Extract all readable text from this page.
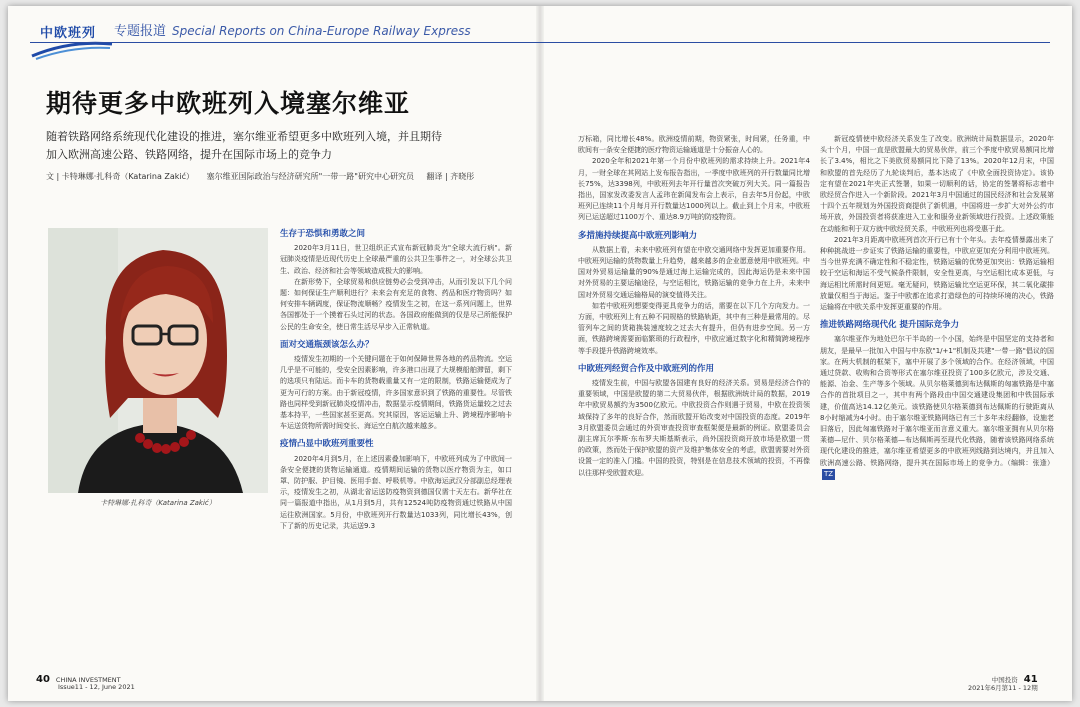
中欧班列 专题报道 Special Reports on China-Europe Railway Express
期待更多中欧班列入境塞尔维亚
随着铁路网络系统现代化建设的推进，塞尔维亚希望更多中欧班列入境，并且期待加入欧洲高速公路、铁路网络，提升在国际市场上的竞争力
文 | 卡特琳娜·扎科奇（Katarina Zakić） 塞尔维亚国际政治与经济研究所"一带一路"研究中心研究员 翻译 | 齐晓彤
卡特琳娜·扎科奇（Katarina Zakić）
生存于恐惧和勇敢之间

2020年3月11日，世卫组织正式宣布新冠肺炎为"全球大流行病"。新冠肺炎疫情是近现代历史上全球最严重的公共卫生事件之一，对全球公共卫生、政治、经济和社会等领域造成极大的影响。

在新形势下，全球贸易和供应链势必会受到冲击，从而引发以下几个问题：如何保证生产顺利进行？未来会有充足的食物、药品和医疗物资吗？如何安排车辆调度，保证物流顺畅？疫情发生之初，在这一系列问题上，世界各国都处于一个摸着石头过河的状态。各国政府能做到的仅是尽己所能保护公民的生命安全，使日常生活尽早步入正常轨道。

面对交通瓶颈该怎么办？

疫情发生初期的一个关键问题在于如何保障世界各地的药品物流。空运几乎是不可能的，受安全因素影响，许多港口出现了大规模船舶滞留，剩下的选项只有陆运。而卡车的货物载重量又有一定的限制，铁路运输便成为了更为可行的方案。由于新冠疫情，许多国家意识到了铁路的重要性。尽管铁路也同样受到新冠肺炎疫情冲击，数据显示疫情期间，铁路货运量较之过去基本持平，一些国家甚至更高。究其原因，客运运输上升、跨境程序影响卡车运送货物所需时间变长、海运空白航次越来越多。

疫情凸显中欧班列重要性

2020年4月到5月，在上述因素叠加影响下，中欧班列成为了中欧间一条安全便捷的货物运输通道。疫情期间运输的货物以医疗物资为主，如口罩、防护服、护目镜、医用手套、呼吸机等。中欧海运武汉分部副总经理表示，疫情发生之初，从湖北省运送防疫物资到德国仅需十天左右。新华社在同一篇报道中指出，从1月到5月，共有12524吨防疫物资通过铁路从中国运往欧洲国家。5月份，中欧班列开行数量达1033列，同比增长43%，创下了新的历史记录，共运送9.3

万标箱，同比增长48%。欧洲疫情前期，物资紧张，时间紧，任务重，中欧间有一条安全便捷的医疗物资运输通道是十分振奋人心的。

2020全年和2021年第一个月份中欧班列的需求持续上升。2021年4月，一财全球在其网站上发布报告指出，一季度中欧班列的开行数量同比增长75%，达3398列，中欧班列去年开行量首次突破万列大关。同一篇报告指出，国家发改委发言人孟玮在新闻发布会上表示，自去年5月份起，中欧班列已连续11个月每月开行数量达1000列以上。截止到上个月末，中欧班列已运送超过1100万个、重达8.9万吨的防疫物资。

多措施持续提高中欧班列影响力

从数据上看，未来中欧班列有望在中欧交通网络中发挥更加重要作用。中欧班列运输的货物数量上升趋势，越来越多的企业愿意使用中欧班列。中国对外贸易运输量的90%是通过海上运输完成的，因此海运仍是未来中国对外贸易的主要运输途径，与空运相比，铁路运输的竞争力在上升，未来中国对外贸易交通运输格局的演变值得关注。

如若中欧班列想要变得更具竞争力的话，需要在以下几个方向发力。一方面，中欧班列上有五种不同规格的铁路轨距，其中有三种是最常用的。尽管列车之间的货箱换装速度较之过去大有提升，但仍有进步空间。另一方面，铁路跨境需要面临繁琐的行政程序，中欧应通过数字化和精简跨境程序等手段提升铁路跨境效率。

中欧班列经贸合作及中欧班列的作用

疫情发生前，中国与欧盟各国建有良好的经济关系。贸易是经济合作的重要领域，中国是欧盟的第二大贸易伙伴，根据欧洲统计局的数据，2019年中欧贸易额约为3500亿欧元。中欧投资合作则遇于贸易，中欧在投资领域保持了多年的良好合作，然而欧盟开始改变对中国投资的态度。2019年3月欧盟委员会通过的外资审查投资审查框架便是最新的例证。欧盟委员会副主席瓦尔季斯·东布罗夫斯基斯表示，尚外国投资商开放市场是欧盟一贯的政策，然而处于保护欧盟的资产及维护集体安全的考虑，欧盟需要对外资设置一定的准入门槛。中国的投资，特别是在信息技术领域的投资，不再像以往那样受欧盟欢迎。

新冠疫情使中欧经济关系发生了改变。欧洲统计局数据显示，2020年头十个月，中国一直是欧盟最大的贸易伙伴，前三个季度中欧贸易额同比增长了3.4%，相比之下美欧贸易额同比下降了13%。2020年12月末，中国和欧盟的首先经历了九轮谈判后，基本达成了《中欧全面投资协定》。该协定有望在2021年夹正式签署，如果一切顺利的话，协定的签署将标志着中欧经贸合作进入一个新阶段。2021年3月中国通过的国民经济和社会发展第十四个五年规划为外国投资商提供了新机遇，中国将进一步扩大对外公约市场开放，外国投资者将获准进入工业和服务业新领域进行投资。上述政策能在动能和利于双方就中欧经贸关系，中欧班列也将受惠于此。

2021年3月距离中欧班列首次开行已有十个年头。去年疫情暴露出来了种种挑战进一步证实了铁路运输的重要性，中欧应更加充分利用中欧班列。当今世界充满不确定性和不稳定性，铁路运输的优势更加突出：铁路运输相较于空运和海运不受气候条件限制，安全性更高，与空运相比成本更低，与海运相比所需时间更短。毫无疑问，铁路运输比空运更环保，其二氧化碳排放量仅相当于海运。鉴于中欧都在追求打造绿色的可持续环境的决心，铁路运输将在中欧关系中发挥更重要的作用。

推进铁路网络现代化 提升国际竞争力

塞尔维亚作为地处巴尔干半岛的一个小国，始终是中国坚定的支持者和朋友，是最早一批加入中国与中东欧"1/+1"机制及共建"一带一路"倡议的国家。在两大机制的框架下，塞中开展了多个领域的合作。在经济领域，中国通过贷款、收购和合资等形式在塞尔维亚投资了100多亿欧元，涉及交通、能源、冶金、生产等多个领域。从贝尔格莱德到布达佩斯的匈塞铁路是中塞合作的首批项目之一，其中有两个路段由中国交通建设集团和中铁国际承建，价值高达14.12亿美元。该铁路使贝尔格莱德到布达佩斯的行驶距离从8小时缩减为4小时。由于塞尔维亚铁路网络已有三十多年未经翻修，设施老旧落后，因此匈塞铁路对于塞尔维亚而言意义重大。塞尔维亚拥有从贝尔格莱德—尼什、贝尔格莱德—布达佩斯再至现代化铁路，随着该铁路网络系统现代化建设的推进，塞尔维亚希望更多的中欧班列线路到达境内，并且加入欧洲高速公路、铁路网络，提升其在国际市场上的竞争力。（编辑：张逢）TZ

40 CHINA INVESTMENT
Issue11 - 12, June 2021
中国投资 41
2021年6月第11 - 12期
